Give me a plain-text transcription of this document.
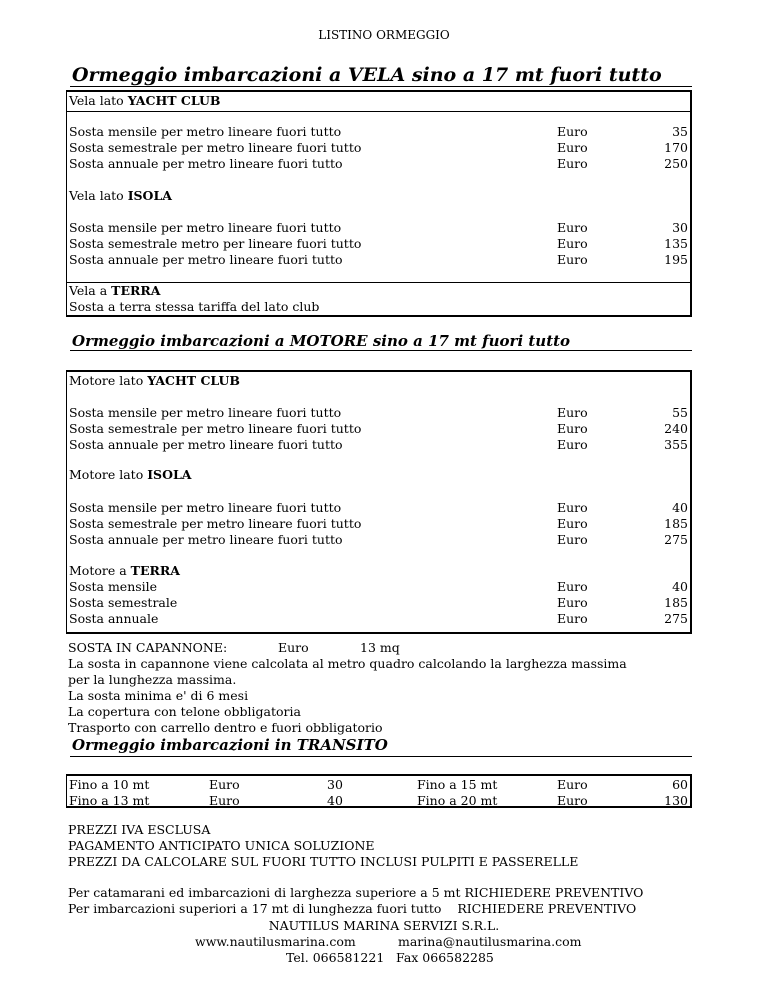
LISTINO ORMEGGIO
Ormeggio imbarcazioni a VELA sino a 17 mt fuori tutto
Vela lato YACHT CLUB
Sosta mensile per metro lineare fuori tutto	Euro	35
Sosta semestrale per metro lineare fuori tutto	Euro	170
Sosta annuale per metro lineare fuori tutto	Euro	250
Vela lato ISOLA
Sosta mensile per metro lineare fuori tutto	Euro	30
Sosta semestrale metro per lineare fuori tutto	Euro	135
Sosta annuale per metro lineare fuori tutto	Euro	195
Vela a TERRA
Sosta a terra stessa tariffa del lato club
Ormeggio imbarcazioni a MOTORE sino a 17 mt fuori tutto
Motore lato YACHT CLUB
Sosta mensile per metro lineare fuori tutto	Euro	55
Sosta semestrale per metro lineare fuori tutto	Euro	240
Sosta annuale per metro lineare fuori tutto	Euro	355
Motore lato ISOLA
Sosta mensile per metro lineare fuori tutto	Euro	40
Sosta semestrale per metro lineare fuori tutto	Euro	185
Sosta annuale per metro lineare fuori tutto	Euro	275
Motore a TERRA
Sosta mensile	Euro	40
Sosta semestrale	Euro	185
Sosta annuale	Euro	275
SOSTA IN CAPANNONE:	Euro	13 mq
La sosta in capannone viene calcolata al metro quadro calcolando la larghezza massima
per la lunghezza massima.
La sosta minima e' di 6 mesi
La copertura con telone obbligatoria
Trasporto con carrello dentro e fuori obbligatorio
Ormeggio imbarcazioni in TRANSITO
Fino a 10 mt	Euro	30	Fino a 15 mt	Euro	60
Fino a 13 mt	Euro	40	Fino a 20 mt	Euro	130
PREZZI IVA ESCLUSA
PAGAMENTO ANTICIPATO UNICA SOLUZIONE
PREZZI DA CALCOLARE SUL FUORI TUTTO INCLUSI PULPITI E PASSERELLE
Per catamarani ed imbarcazioni di larghezza superiore a 5 mt RICHIEDERE PREVENTIVO
Per imbarcazioni superiori a 17 mt di lunghezza fuori tutto    RICHIEDERE PREVENTIVO
NAUTILUS MARINA SERVIZI S.R.L.
www.nautilusmarina.com	marina@nautilusmarina.com
Tel. 066581221 Fax 066582285
